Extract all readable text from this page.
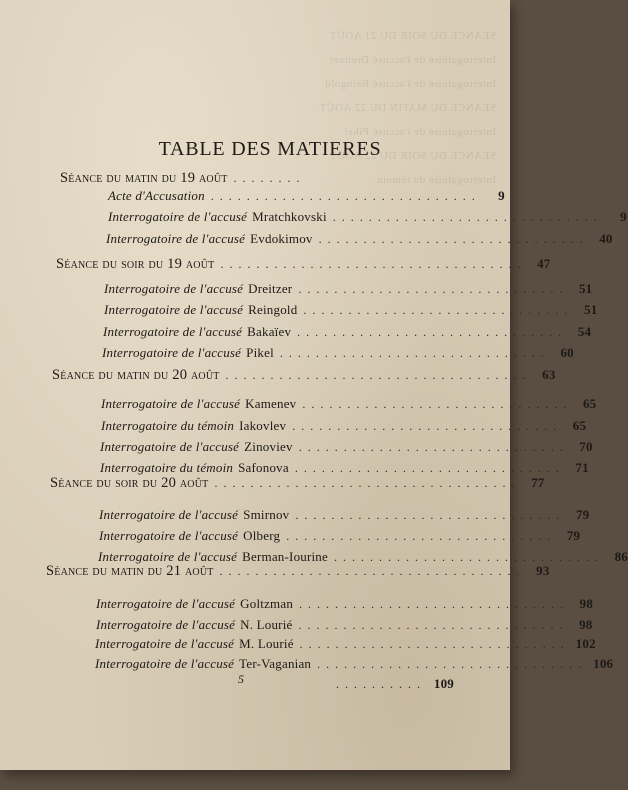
SÉANCE DU SOIR DU 21 AOÛT
Interrogatoire de l'accusé Dreitzer
Interrogatoire de l'accusé Reingold
SÉANCE DU MATIN DU 22 AOÛT
Interrogatoire de l'accusé Pikel
SÉANCE DU SOIR DU 22 AOÛT
Interrogatoire du témoin
TABLE DES MATIERES
Séance du matin du 19 août ........
Acte d'Accusation ..............................	9
Interrogatoire de l'accusé Mratchkovski ..............................	9
Interrogatoire de l'accusé Evdokimov .............................. 40
Séance du soir du 19 août .................................. 47
Interrogatoire de l'accusé Dreitzer .............................. 51
Interrogatoire de l'accusé Reingold .............................. 51
Interrogatoire de l'accusé Bakaïev .............................. 54
Interrogatoire de l'accusé Pikel .............................. 60
Séance du matin du 20 août .................................. 63
Interrogatoire de l'accusé Kamenev .............................. 65
Interrogatoire du témoin Iakovlev .............................. 65
Interrogatoire de l'accusé Zinoviev .............................. 70
Interrogatoire du témoin Safonova .............................. 71
Séance du soir du 20 août .................................. 77
Interrogatoire de l'accusé Smirnov .............................. 79
Interrogatoire de l'accusé Olberg .............................. 79
Interrogatoire de l'accusé Berman-Iourine .............................. 86
Séance du matin du 21 août .................................. 93
Interrogatoire de l'accusé Goltzman .............................. 98
Interrogatoire de l'accusé N. Lourié .............................. 98
Interrogatoire de l'accusé M. Lourié .............................. 102
Interrogatoire de l'accusé Ter-Vaganian .............................. 106
.......... 109
5
